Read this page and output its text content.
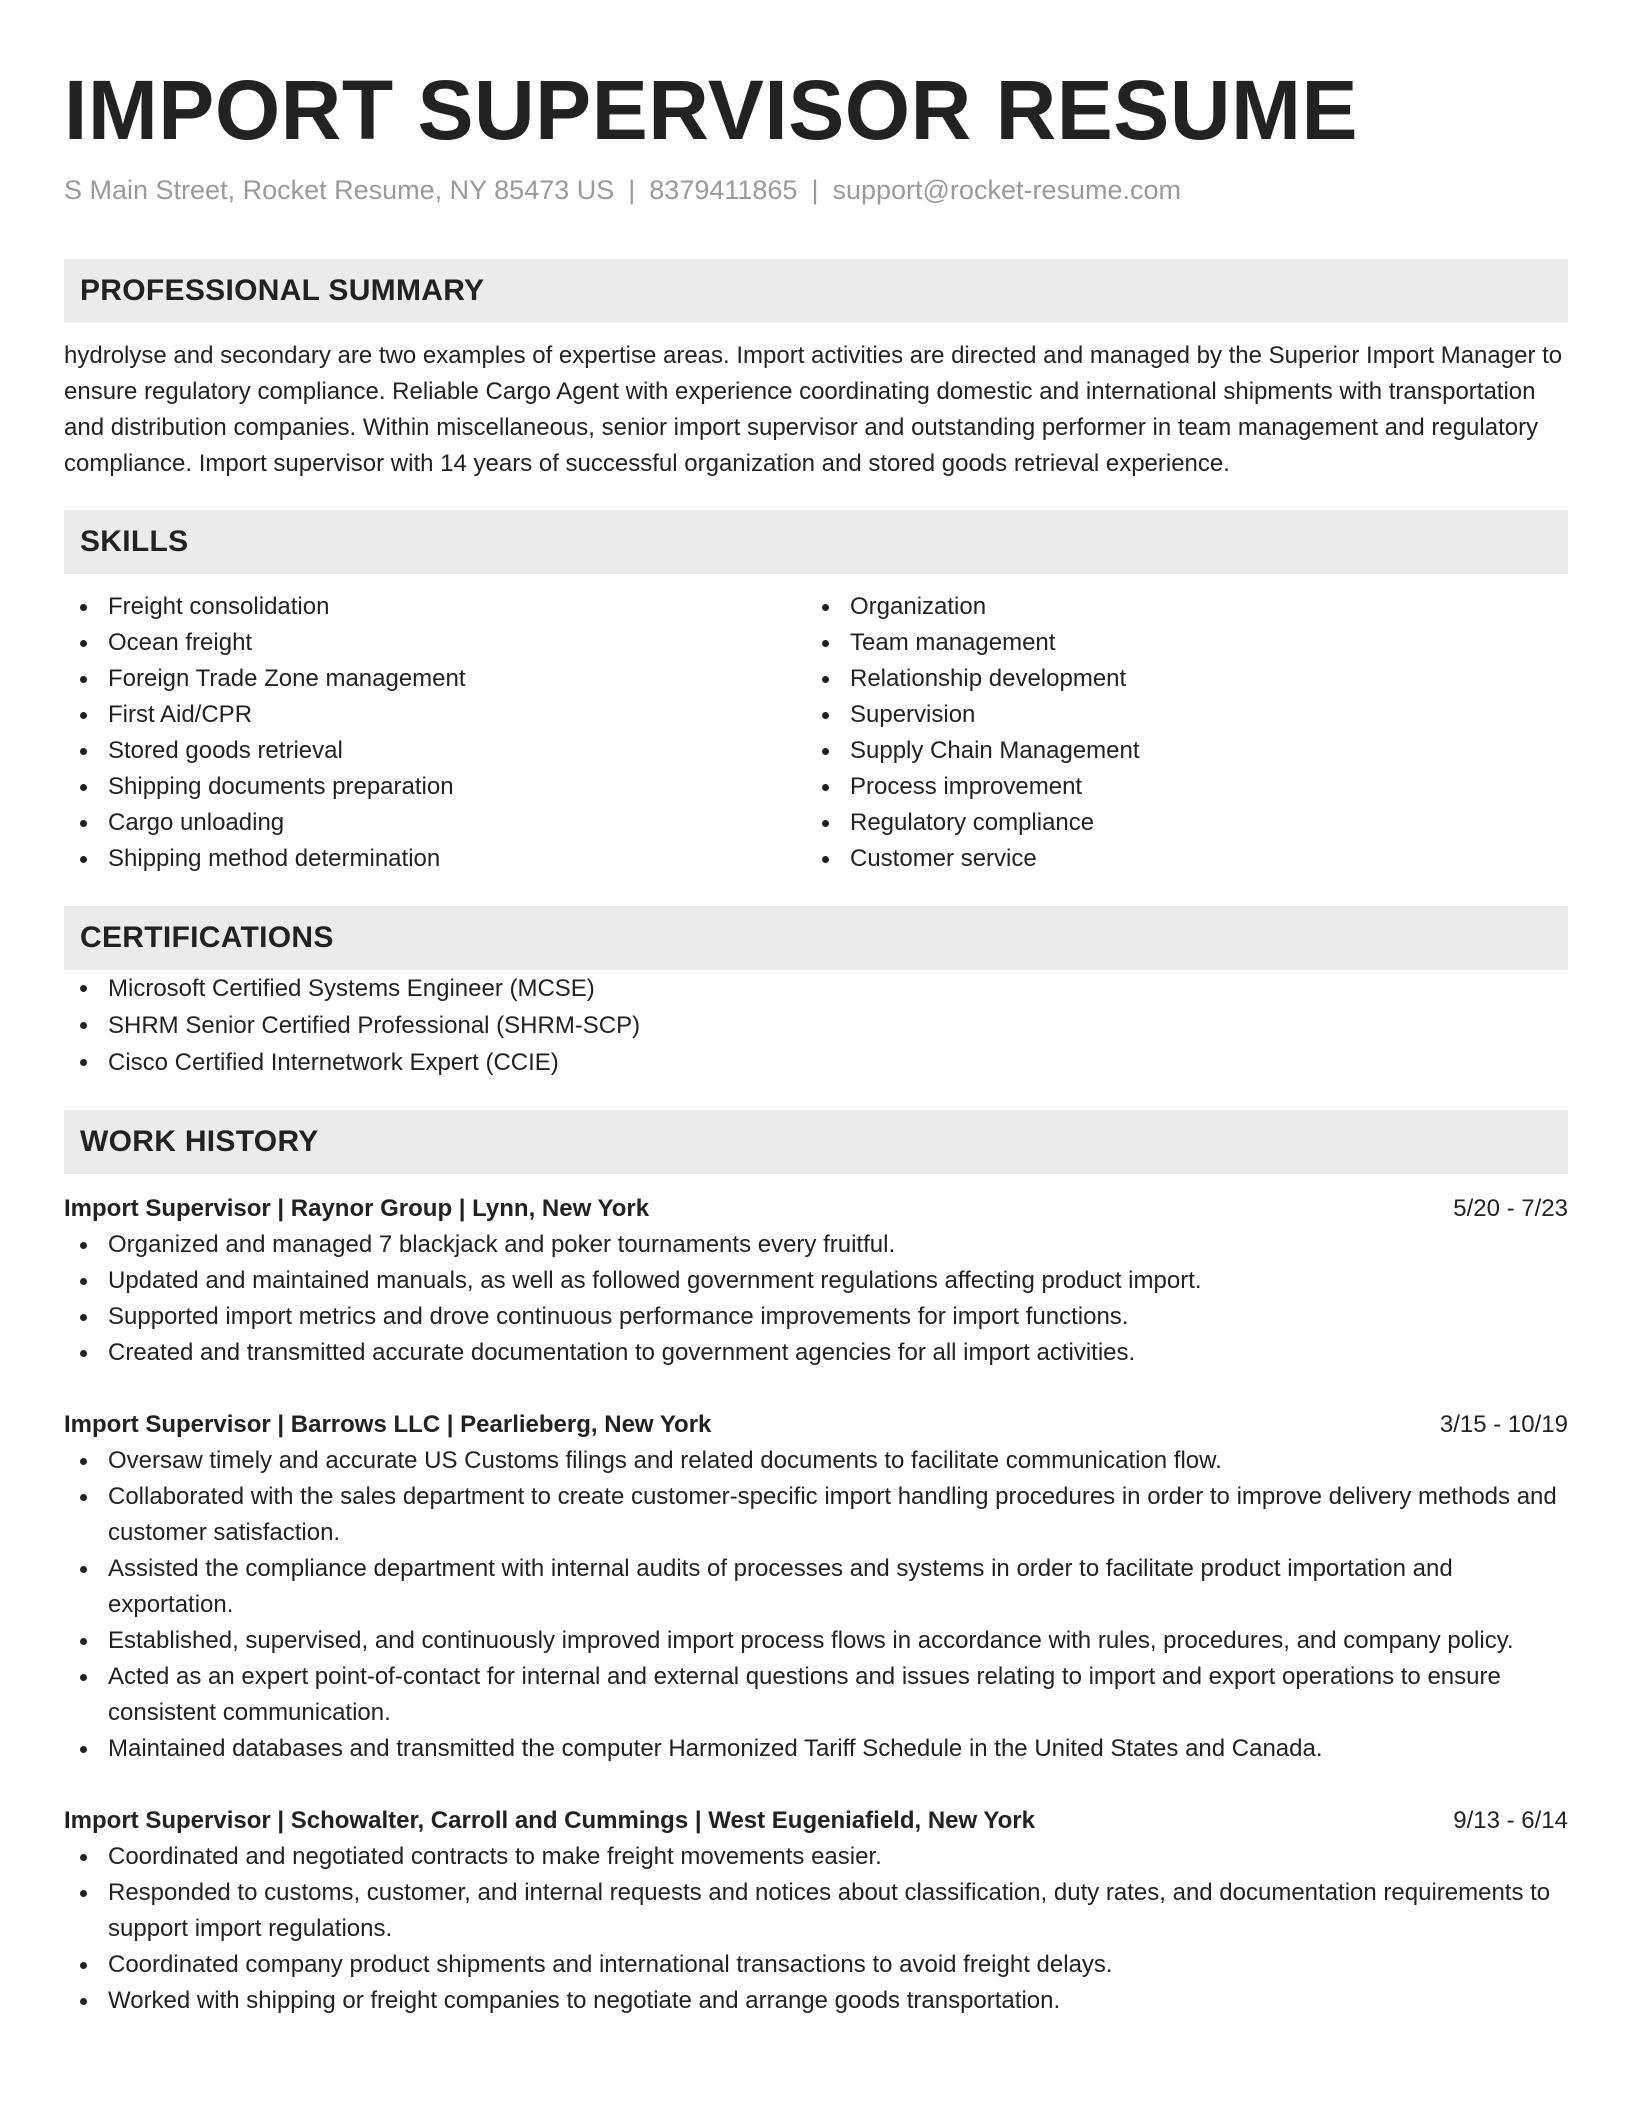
IMPORT SUPERVISOR RESUME
S Main Street, Rocket Resume, NY 85473 US | 8379411865 | support@rocket-resume.com
PROFESSIONAL SUMMARY
hydrolyse and secondary are two examples of expertise areas. Import activities are directed and managed by the Superior Import Manager to ensure regulatory compliance. Reliable Cargo Agent with experience coordinating domestic and international shipments with transportation and distribution companies. Within miscellaneous, senior import supervisor and outstanding performer in team management and regulatory compliance. Import supervisor with 14 years of successful organization and stored goods retrieval experience.
SKILLS
Freight consolidation
Ocean freight
Foreign Trade Zone management
First Aid/CPR
Stored goods retrieval
Shipping documents preparation
Cargo unloading
Shipping method determination
Organization
Team management
Relationship development
Supervision
Supply Chain Management
Process improvement
Regulatory compliance
Customer service
CERTIFICATIONS
Microsoft Certified Systems Engineer (MCSE)
SHRM Senior Certified Professional (SHRM-SCP)
Cisco Certified Internetwork Expert (CCIE)
WORK HISTORY
Import Supervisor | Raynor Group | Lynn, New York	5/20 - 7/23
Organized and managed 7 blackjack and poker tournaments every fruitful.
Updated and maintained manuals, as well as followed government regulations affecting product import.
Supported import metrics and drove continuous performance improvements for import functions.
Created and transmitted accurate documentation to government agencies for all import activities.
Import Supervisor | Barrows LLC | Pearlieberg, New York	3/15 - 10/19
Oversaw timely and accurate US Customs filings and related documents to facilitate communication flow.
Collaborated with the sales department to create customer-specific import handling procedures in order to improve delivery methods and customer satisfaction.
Assisted the compliance department with internal audits of processes and systems in order to facilitate product importation and exportation.
Established, supervised, and continuously improved import process flows in accordance with rules, procedures, and company policy.
Acted as an expert point-of-contact for internal and external questions and issues relating to import and export operations to ensure consistent communication.
Maintained databases and transmitted the computer Harmonized Tariff Schedule in the United States and Canada.
Import Supervisor | Schowalter, Carroll and Cummings | West Eugeniafield, New York	9/13 - 6/14
Coordinated and negotiated contracts to make freight movements easier.
Responded to customs, customer, and internal requests and notices about classification, duty rates, and documentation requirements to support import regulations.
Coordinated company product shipments and international transactions to avoid freight delays.
Worked with shipping or freight companies to negotiate and arrange goods transportation.
